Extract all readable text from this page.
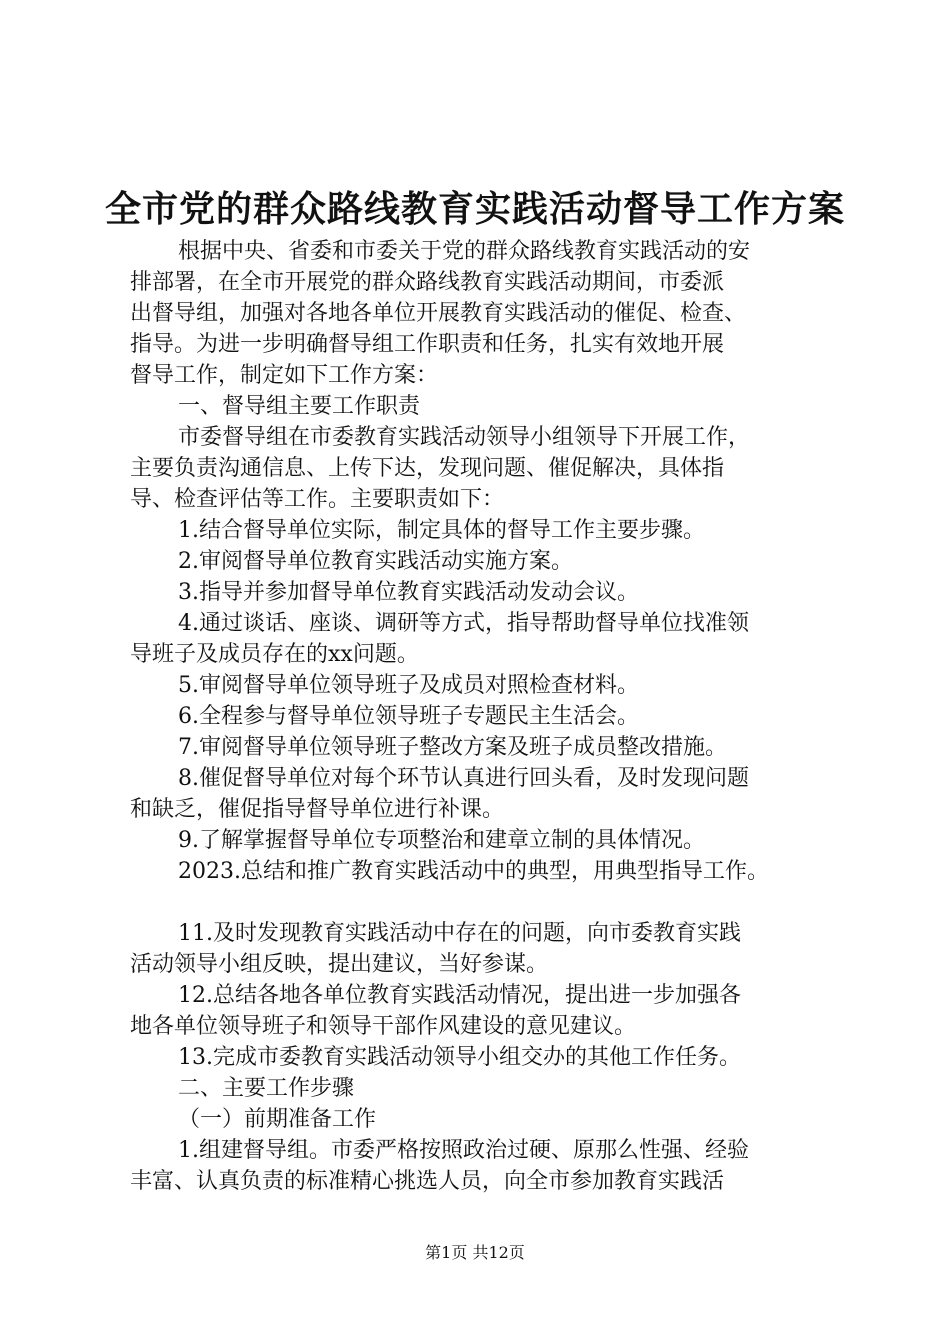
全市党的群众路线教育实践活动督导工作方案

根据中央、省委和市委关于党的群众路线教育实践活动的安

排部署，在全市开展党的群众路线教育实践活动期间，市委派

出督导组，加强对各地各单位开展教育实践活动的催促、检查、

指导。为进一步明确督导组工作职责和任务，扎实有效地开展

督导工作，制定如下工作方案：

一、督导组主要工作职责

市委督导组在市委教育实践活动领导小组领导下开展工作，

主要负责沟通信息、上传下达，发现问题、催促解决，具体指

导、检查评估等工作。主要职责如下：

1.结合督导单位实际，制定具体的督导工作主要步骤。

2.审阅督导单位教育实践活动实施方案。

3.指导并参加督导单位教育实践活动发动会议。

4.通过谈话、座谈、调研等方式，指导帮助督导单位找准领

导班子及成员存在的xx问题。

5.审阅督导单位领导班子及成员对照检查材料。

6.全程参与督导单位领导班子专题民主生活会。

7.审阅督导单位领导班子整改方案及班子成员整改措施。

8.催促督导单位对每个环节认真进行回头看，及时发现问题

和缺乏，催促指导督导单位进行补课。

9.了解掌握督导单位专项整治和建章立制的具体情况。

2023.总结和推广教育实践活动中的典型，用典型指导工作。

11.及时发现教育实践活动中存在的问题，向市委教育实践

活动领导小组反映，提出建议，当好参谋。

12.总结各地各单位教育实践活动情况，提出进一步加强各

地各单位领导班子和领导干部作风建设的意见建议。

13.完成市委教育实践活动领导小组交办的其他工作任务。

二、主要工作步骤

（一）前期准备工作

1.组建督导组。市委严格按照政治过硬、原那么性强、经验

丰富、认真负责的标准精心挑选人员，向全市参加教育实践活

第1页 共12页
